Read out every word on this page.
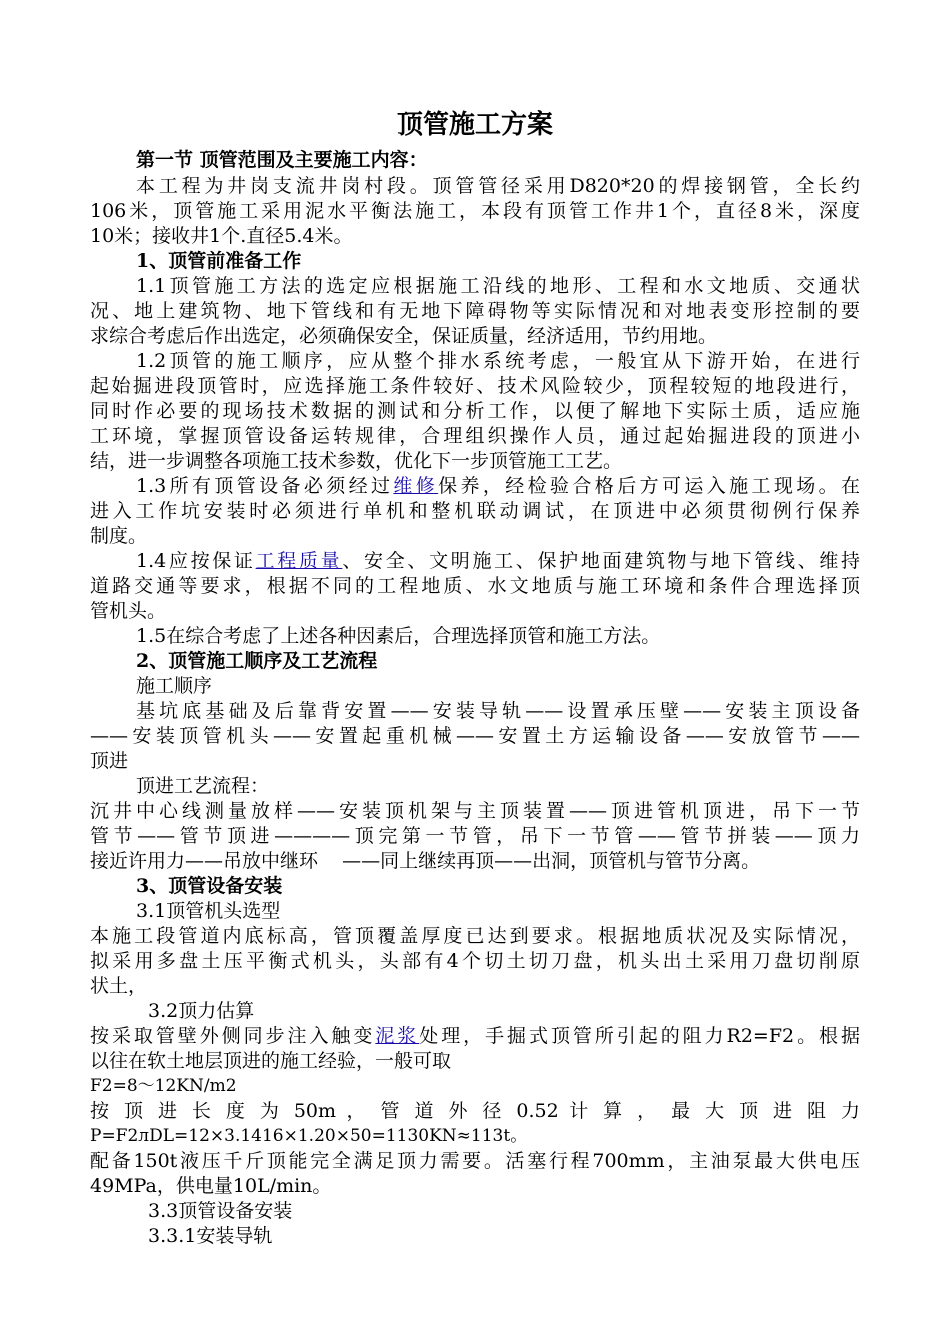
顶管施工方案
第一节 顶管范围及主要施工内容：
本工程为井岗支流井岗村段。顶管管径采用D820*20的焊接钢管，全长约
106米，顶管施工采用泥水平衡法施工，本段有顶管工作井1个，直径8米，深度
10米；接收井1个.直径5.4米。
1、顶管前准备工作
1.1顶管施工方法的选定应根据施工沿线的地形、工程和水文地质、交通状
况、地上建筑物、地下管线和有无地下障碍物等实际情况和对地表变形控制的要
求综合考虑后作出选定，必须确保安全，保证质量，经济适用，节约用地。
1.2顶管的施工顺序，应从整个排水系统考虑，一般宜从下游开始，在进行
起始掘进段顶管时，应选择施工条件较好、技术风险较少，顶程较短的地段进行，
同时作必要的现场技术数据的测试和分析工作，以便了解地下实际土质，适应施
工环境，掌握顶管设备运转规律，合理组织操作人员，通过起始掘进段的顶进小
结，进一步调整各项施工技术参数，优化下一步顶管施工工艺。
1.3所有顶管设备必须经过维修保养，经检验合格后方可运入施工现场。在
进入工作坑安装时必须进行单机和整机联动调试，在顶进中必须贯彻例行保养
制度。
1.4应按保证工程质量、安全、文明施工、保护地面建筑物与地下管线、维持
道路交通等要求，根据不同的工程地质、水文地质与施工环境和条件合理选择顶
管机头。
1.5在综合考虑了上述各种因素后，合理选择顶管和施工方法。
2、顶管施工顺序及工艺流程
施工顺序
基坑底基础及后靠背安置——安装导轨——设置承压壁——安装主顶设备
——安装顶管机头——安置起重机械——安置土方运输设备——安放管节——
顶进
顶进工艺流程：
沉井中心线测量放样——安装顶机架与主顶装置——顶进管机顶进，吊下一节
管节——管节顶进————顶完第一节管，吊下一节管——管节拼装——顶力
接近许用力——吊放中继环    ——同上继续再顶——出洞，顶管机与管节分离。
3、顶管设备安装
3.1顶管机头选型
本施工段管道内底标高，管顶覆盖厚度已达到要求。根据地质状况及实际情况，
拟采用多盘土压平衡式机头，头部有4个切土切刀盘，机头出土采用刀盘切削原
状土，
3.2顶力估算
按采取管壁外侧同步注入触变泥浆处理，手掘式顶管所引起的阻力R2=F2。根据
以往在软土地层顶进的施工经验，一般可取
F2=8～12KN/m2
按 顶 进 长 度 为 50m ， 管 道 外 径 0.52 计 算 ， 最 大 顶 进 阻 力
P=F2лDL=12×3.1416×1.20×50=1130KN≈113t。
配备150t液压千斤顶能完全满足顶力需要。活塞行程700mm，主油泵最大供电压
49MPa，供电量10L/min。
3.3顶管设备安装
3.3.1安装导轨
